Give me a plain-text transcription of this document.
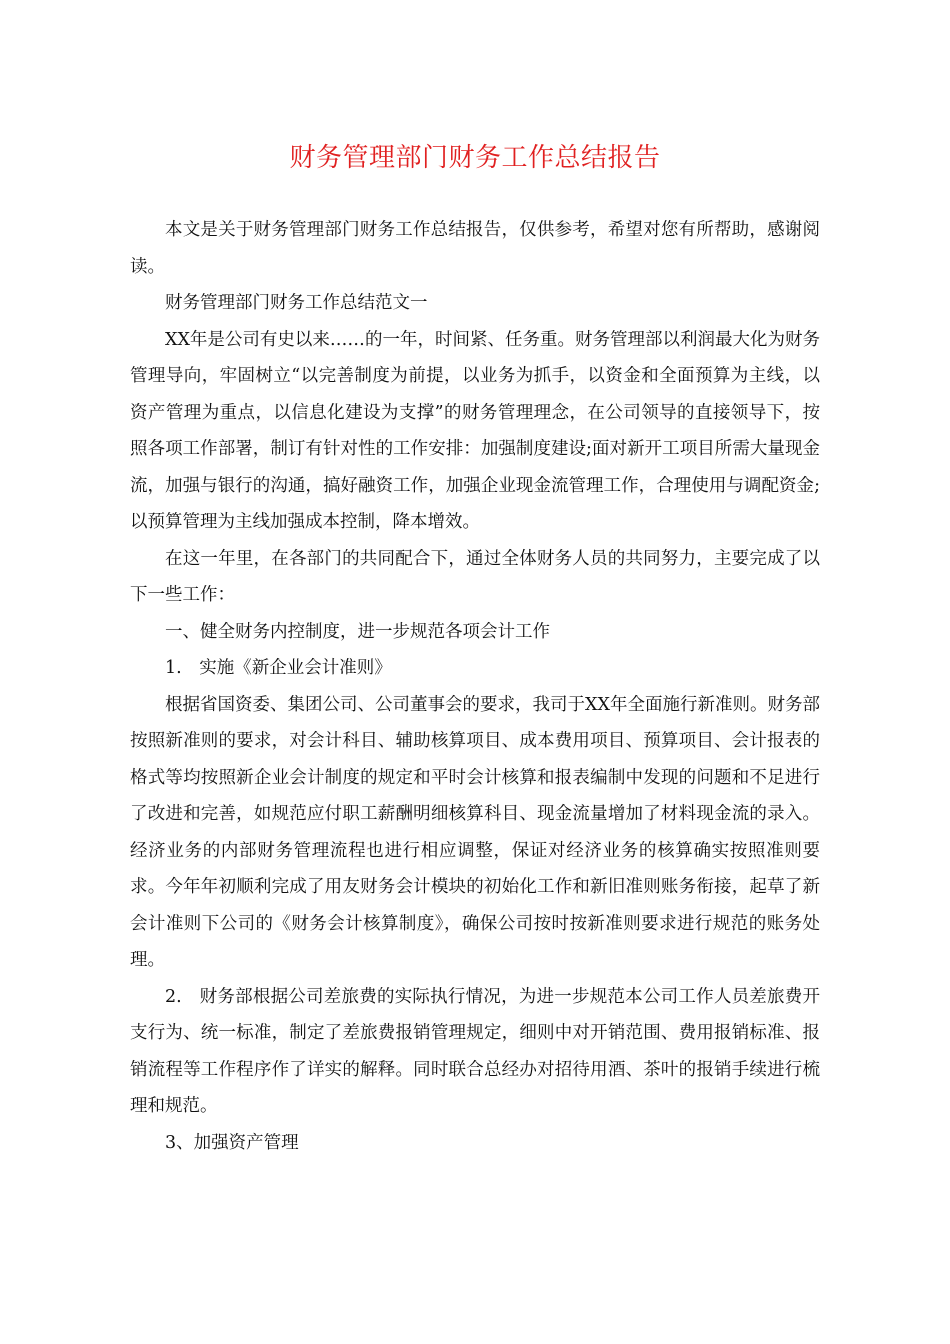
财务管理部门财务工作总结报告

本文是关于财务管理部门财务工作总结报告，仅供参考，希望对您有所帮助，感谢阅读。

财务管理部门财务工作总结范文一

XX年是公司有史以来……的一年，时间紧、任务重。财务管理部以利润最大化为财务管理导向，牢固树立“以完善制度为前提，以业务为抓手，以资金和全面预算为主线，以资产管理为重点，以信息化建设为支撑”的财务管理理念，在公司领导的直接领导下，按照各项工作部署，制订有针对性的工作安排：加强制度建设;面对新开工项目所需大量现金流，加强与银行的沟通，搞好融资工作，加强企业现金流管理工作，合理使用与调配资金;以预算管理为主线加强成本控制，降本增效。

在这一年里，在各部门的共同配合下，通过全体财务人员的共同努力，主要完成了以下一些工作：

一、健全财务内控制度，进一步规范各项会计工作

1.　实施《新企业会计准则》

根据省国资委、集团公司、公司董事会的要求，我司于XX年全面施行新准则。财务部按照新准则的要求，对会计科目、辅助核算项目、成本费用项目、预算项目、会计报表的格式等均按照新企业会计制度的规定和平时会计核算和报表编制中发现的问题和不足进行了改进和完善，如规范应付职工薪酬明细核算科目、现金流量增加了材料现金流的录入。经济业务的内部财务管理流程也进行相应调整，保证对经济业务的核算确实按照准则要求。今年年初顺利完成了用友财务会计模块的初始化工作和新旧准则账务衔接，起草了新会计准则下公司的《财务会计核算制度》，确保公司按时按新准则要求进行规范的账务处理。

2.　财务部根据公司差旅费的实际执行情况，为进一步规范本公司工作人员差旅费开支行为、统一标准，制定了差旅费报销管理规定，细则中对开销范围、费用报销标准、报销流程等工作程序作了详实的解释。同时联合总经办对招待用酒、茶叶的报销手续进行梳理和规范。

3、加强资产管理
